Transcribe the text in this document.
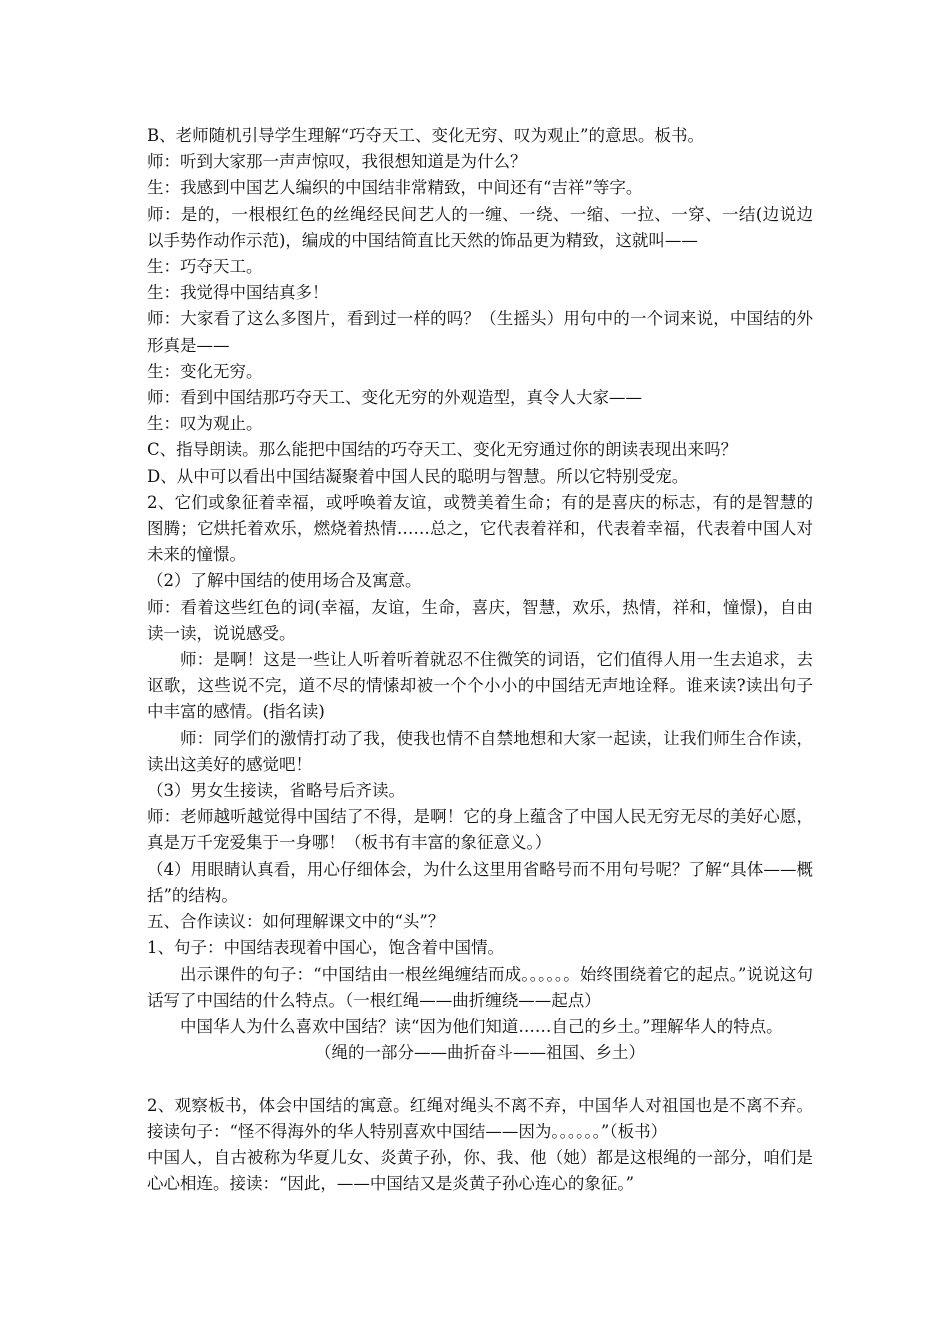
B、老师随机引导学生理解“巧夺天工、变化无穷、叹为观止”的意思。板书。

师：听到大家那一声声惊叹，我很想知道是为什么？

生：我感到中国艺人编织的中国结非常精致，中间还有“吉祥”等字。

师：是的，一根根红色的丝绳经民间艺人的一缠、一绕、一缩、一拉、一穿、一结(边说边以手势作动作示范)，编成的中国结简直比天然的饰品更为精致，这就叫——

生：巧夺天工。

生：我觉得中国结真多！

师：大家看了这么多图片，看到过一样的吗？（生摇头）用句中的一个词来说，中国结的外形真是——

生：变化无穷。

师：看到中国结那巧夺天工、变化无穷的外观造型，真令人大家——

生：叹为观止。

C、指导朗读。那么能把中国结的巧夺天工、变化无穷通过你的朗读表现出来吗？

D、从中可以看出中国结凝聚着中国人民的聪明与智慧。所以它特别受宠。

2、它们或象征着幸福，或呼唤着友谊，或赞美着生命；有的是喜庆的标志，有的是智慧的图腾；它烘托着欢乐，燃烧着热情……总之，它代表着祥和，代表着幸福，代表着中国人对未来的憧憬。

（2）了解中国结的使用场合及寓意。

师：看着这些红色的词(幸福，友谊，生命，喜庆，智慧，欢乐，热情，祥和，憧憬)，自由读一读，说说感受。

师：是啊！这是一些让人听着听着就忍不住微笑的词语，它们值得人用一生去追求，去讴歌，这些说不完，道不尽的情愫却被一个个小小的中国结无声地诠释。谁来读?读出句子中丰富的感情。(指名读)

师：同学们的激情打动了我，使我也情不自禁地想和大家一起读，让我们师生合作读，读出这美好的感觉吧！

（3）男女生接读，省略号后齐读。

师：老师越听越觉得中国结了不得，是啊！它的身上蕴含了中国人民无穷无尽的美好心愿，真是万千宠爱集于一身哪！（板书有丰富的象征意义。）

（4）用眼睛认真看，用心仔细体会，为什么这里用省略号而不用句号呢？了解“具体——概括”的结构。

五、合作读议：如何理解课文中的“头”？

1、句子：中国结表现着中国心，饱含着中国情。

出示课件的句子：“中国结由一根丝绳缠结而成。。。。。。始终围绕着它的起点。”说说这句话写了中国结的什么特点。（一根红绳——曲折缠绕——起点）

中国华人为什么喜欢中国结？读“因为他们知道……自己的乡土。”理解华人的特点。

（绳的一部分——曲折奋斗——祖国、乡土）

2、观察板书，体会中国结的寓意。红绳对绳头不离不弃，中国华人对祖国也是不离不弃。接读句子：“怪不得海外的华人特别喜欢中国结——因为。。。。。。”（板书）

中国人，自古被称为华夏儿女、炎黄子孙，你、我、他（她）都是这根绳的一部分，咱们是心心相连。接读：“因此，——中国结又是炎黄子孙心连心的象征。”
